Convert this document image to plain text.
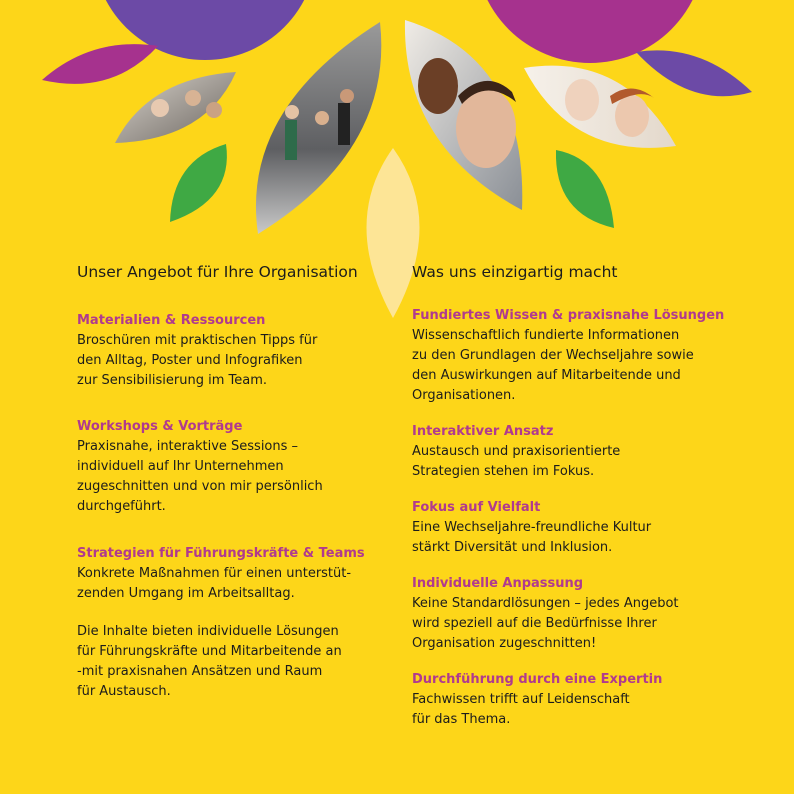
Unser Angebot für Ihre Organisation
Materialien & Ressourcen
Broschüren mit praktischen Tipps für
den Alltag, Poster und Infografiken
zur Sensibilisierung im Team.
Workshops & Vorträge
Praxisnahe, interaktive Sessions –
individuell auf Ihr Unternehmen
zugeschnitten und von mir persönlich
durchgeführt.
Strategien für Führungskräfte & Teams
Konkrete Maßnahmen für einen unterstüt-
zenden Umgang im Arbeitsalltag.
Die Inhalte bieten individuelle Lösungen
für Führungskräfte und Mitarbeitende an
-mit praxisnahen Ansätzen und Raum
für Austausch.
Was uns einzigartig macht
Fundiertes Wissen & praxisnahe Lösungen
Wissenschaftlich fundierte Informationen
zu den Grundlagen der Wechseljahre sowie
den Auswirkungen auf Mitarbeitende und
Organisationen.
Interaktiver Ansatz
Austausch und praxisorientierte
Strategien stehen im Fokus.
Fokus auf Vielfalt
Eine Wechseljahre-freundliche Kultur
stärkt Diversität und Inklusion.
Individuelle Anpassung
Keine Standardlösungen – jedes Angebot
wird speziell auf die Bedürfnisse Ihrer
Organisation zugeschnitten!
Durchführung durch eine Expertin
Fachwissen trifft auf Leidenschaft
für das Thema.
